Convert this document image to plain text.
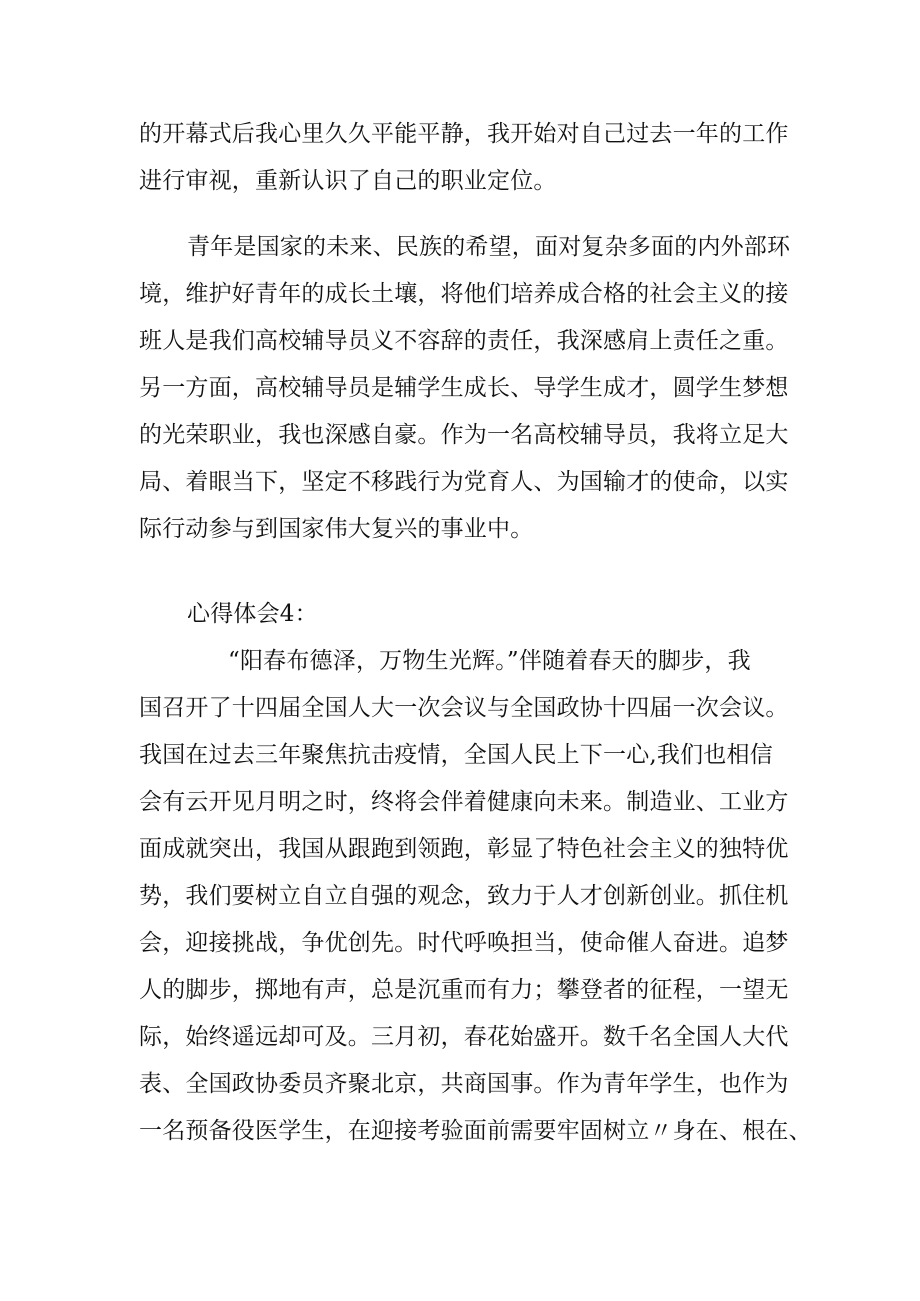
的开幕式后我心里久久平能平静，我开始对自己过去一年的工作
进行审视，重新认识了自己的职业定位。
青年是国家的未来、民族的希望，面对复杂多面的内外部环
境，维护好青年的成长土壤，将他们培养成合格的社会主义的接
班人是我们高校辅导员义不容辞的责任，我深感肩上责任之重。
另一方面，高校辅导员是辅学生成长、导学生成才，圆学生梦想
的光荣职业，我也深感自豪。作为一名高校辅导员，我将立足大
局、着眼当下，坚定不移践行为党育人、为国输才的使命，以实
际行动参与到国家伟大复兴的事业中。
心得体会4：
“阳春布德泽，万物生光辉。”伴随着春天的脚步，我
国召开了十四届全国人大一次会议与全国政协十四届一次会议。
我国在过去三年聚焦抗击疫情，全国人民上下一心,我们也相信
会有云开见月明之时，终将会伴着健康向未来。制造业、工业方
面成就突出，我国从跟跑到领跑，彰显了特色社会主义的独特优
势，我们要树立自立自强的观念，致力于人才创新创业。抓住机
会，迎接挑战，争优创先。时代呼唤担当，使命催人奋进。追梦
人的脚步，掷地有声，总是沉重而有力；攀登者的征程，一望无
际，始终遥远却可及。三月初，春花始盛开。数千名全国人大代
表、全国政协委员齐聚北京，共商国事。作为青年学生，也作为
一名预备役医学生，在迎接考验面前需要牢固树立〃身在、根在、
